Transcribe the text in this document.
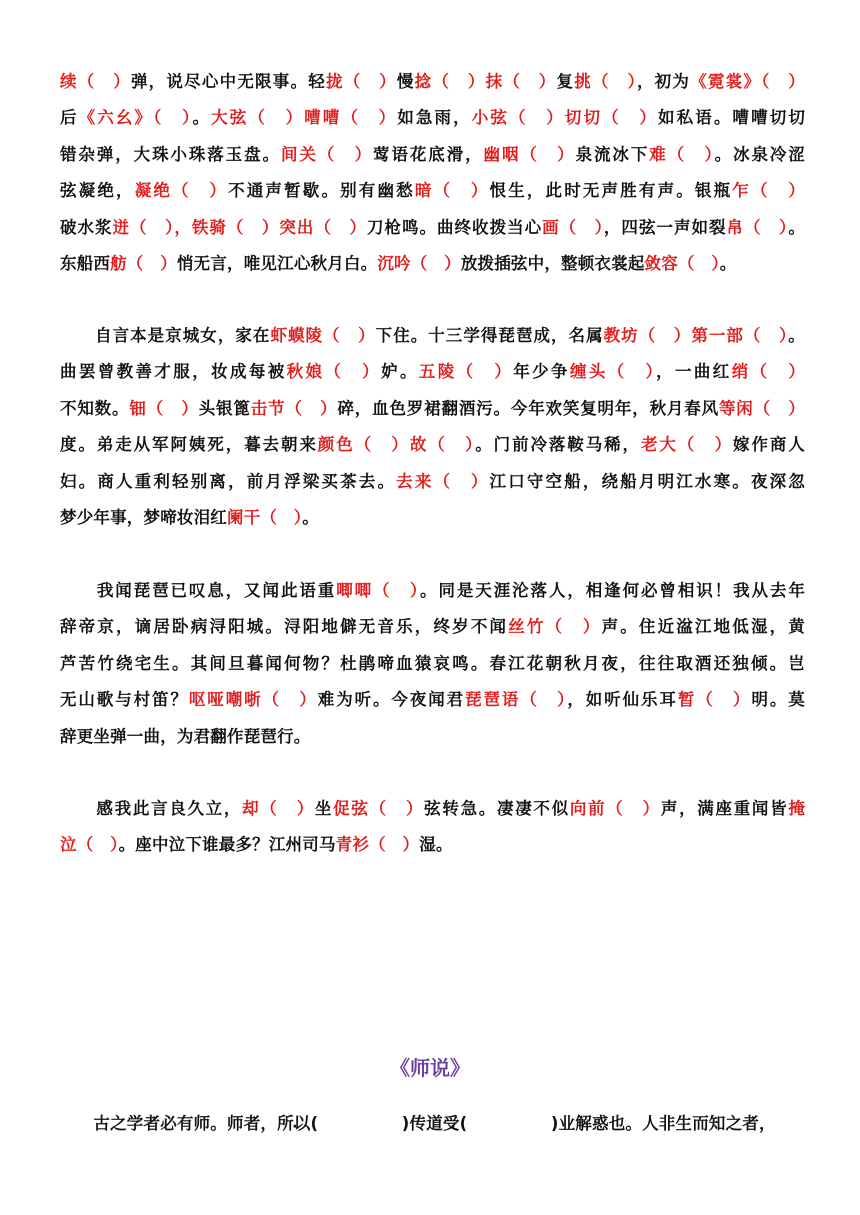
续（　）弹，说尽心中无限事。轻拢（　）慢捻（　）抹（　）复挑（　），初为《霓裳》（　）
后《六幺》（　）。大弦（　）嘈嘈（　）如急雨，小弦（　）切切（　）如私语。嘈嘈切切
错杂弹，大珠小珠落玉盘。间关（　）莺语花底滑，幽咽（　）泉流冰下难（　）。冰泉冷涩
弦凝绝，凝绝（　）不通声暂歇。别有幽愁暗（　）恨生，此时无声胜有声。银瓶乍（　）
破水浆迸（　），铁骑（　）突出（　）刀枪鸣。曲终收拨当心画（　），四弦一声如裂帛（　）。
东船西舫（　）悄无言，唯见江心秋月白。沉吟（　）放拨插弦中，整顿衣裳起敛容（　）。
　　自言本是京城女，家在虾蟆陵（　）下住。十三学得琵琶成，名属教坊（　）第一部（　）。
曲罢曾教善才服，妆成每被秋娘（　）妒。五陵（　）年少争缠头（　），一曲红绡（　）
不知数。钿（　）头银篦击节（　）碎，血色罗裙翻酒污。今年欢笑复明年，秋月春风等闲（　）
度。弟走从军阿姨死，暮去朝来颜色（　）故（　）。门前冷落鞍马稀，老大（　）嫁作商人
妇。商人重利轻别离，前月浮梁买茶去。去来（　）江口守空船，绕船月明江水寒。夜深忽
梦少年事，梦啼妆泪红阑干（　）。
　　我闻琵琶已叹息，又闻此语重唧唧（　）。同是天涯沦落人，相逢何必曾相识！我从去年
辞帝京，谪居卧病浔阳城。浔阳地僻无音乐，终岁不闻丝竹（　）声。住近湓江地低湿，黄
芦苦竹绕宅生。其间旦暮闻何物？杜鹃啼血猿哀鸣。春江花朝秋月夜，往往取酒还独倾。岂
无山歌与村笛？呕哑嘲哳（　）难为听。今夜闻君琵琶语（　），如听仙乐耳暂（　）明。莫
辞更坐弹一曲，为君翻作琵琶行。
　　感我此言良久立，却（　）坐促弦（　）弦转急。凄凄不似向前（　）声，满座重闻皆掩
泣（　）。座中泣下谁最多？江州司马青衫（　）湿。
《师说》
　　古之学者必有师。师者，所以 ·(　　　　　)传道受 ·(　　　　　)业解惑也。人非生而知之者，
